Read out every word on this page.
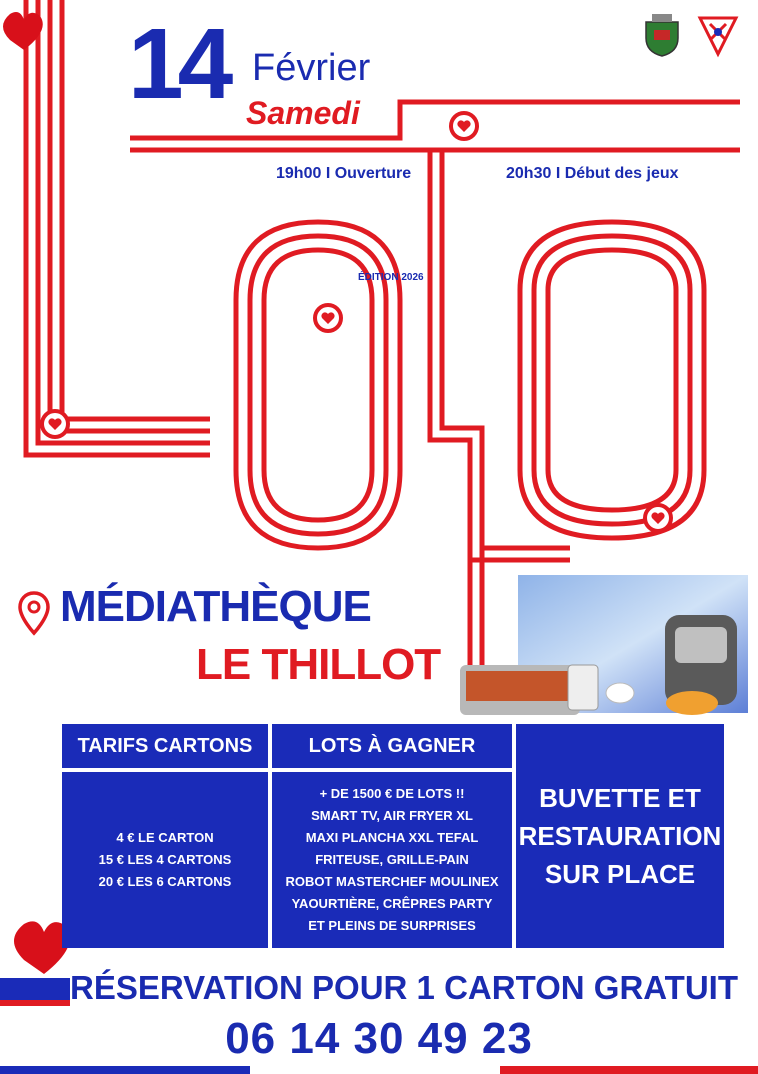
14 Février
Samedi
19h00 I Ouverture	20h30 I Début des jeux
ÉDITION 2026
MÉDIATHÈQUE
LE THILLOT
TARIFS CARTONS	LOTS À GAGNER
4 € LE CARTON
15 € LES 4 CARTONS
20 € LES 6 CARTONS
+ DE 1500 € DE LOTS !!
SMART TV, AIR FRYER XL
MAXI PLANCHA XXL TEFAL
FRITEUSE, GRILLE-PAIN
ROBOT MASTERCHEF MOULINEX
YAOURTIÈRE, CRÊPRES PARTY
ET PLEINS DE SURPRISES
BUVETTE ET
RESTAURATION
SUR PLACE
RÉSERVATION POUR 1 CARTON GRATUIT
06 14 30 49 23
